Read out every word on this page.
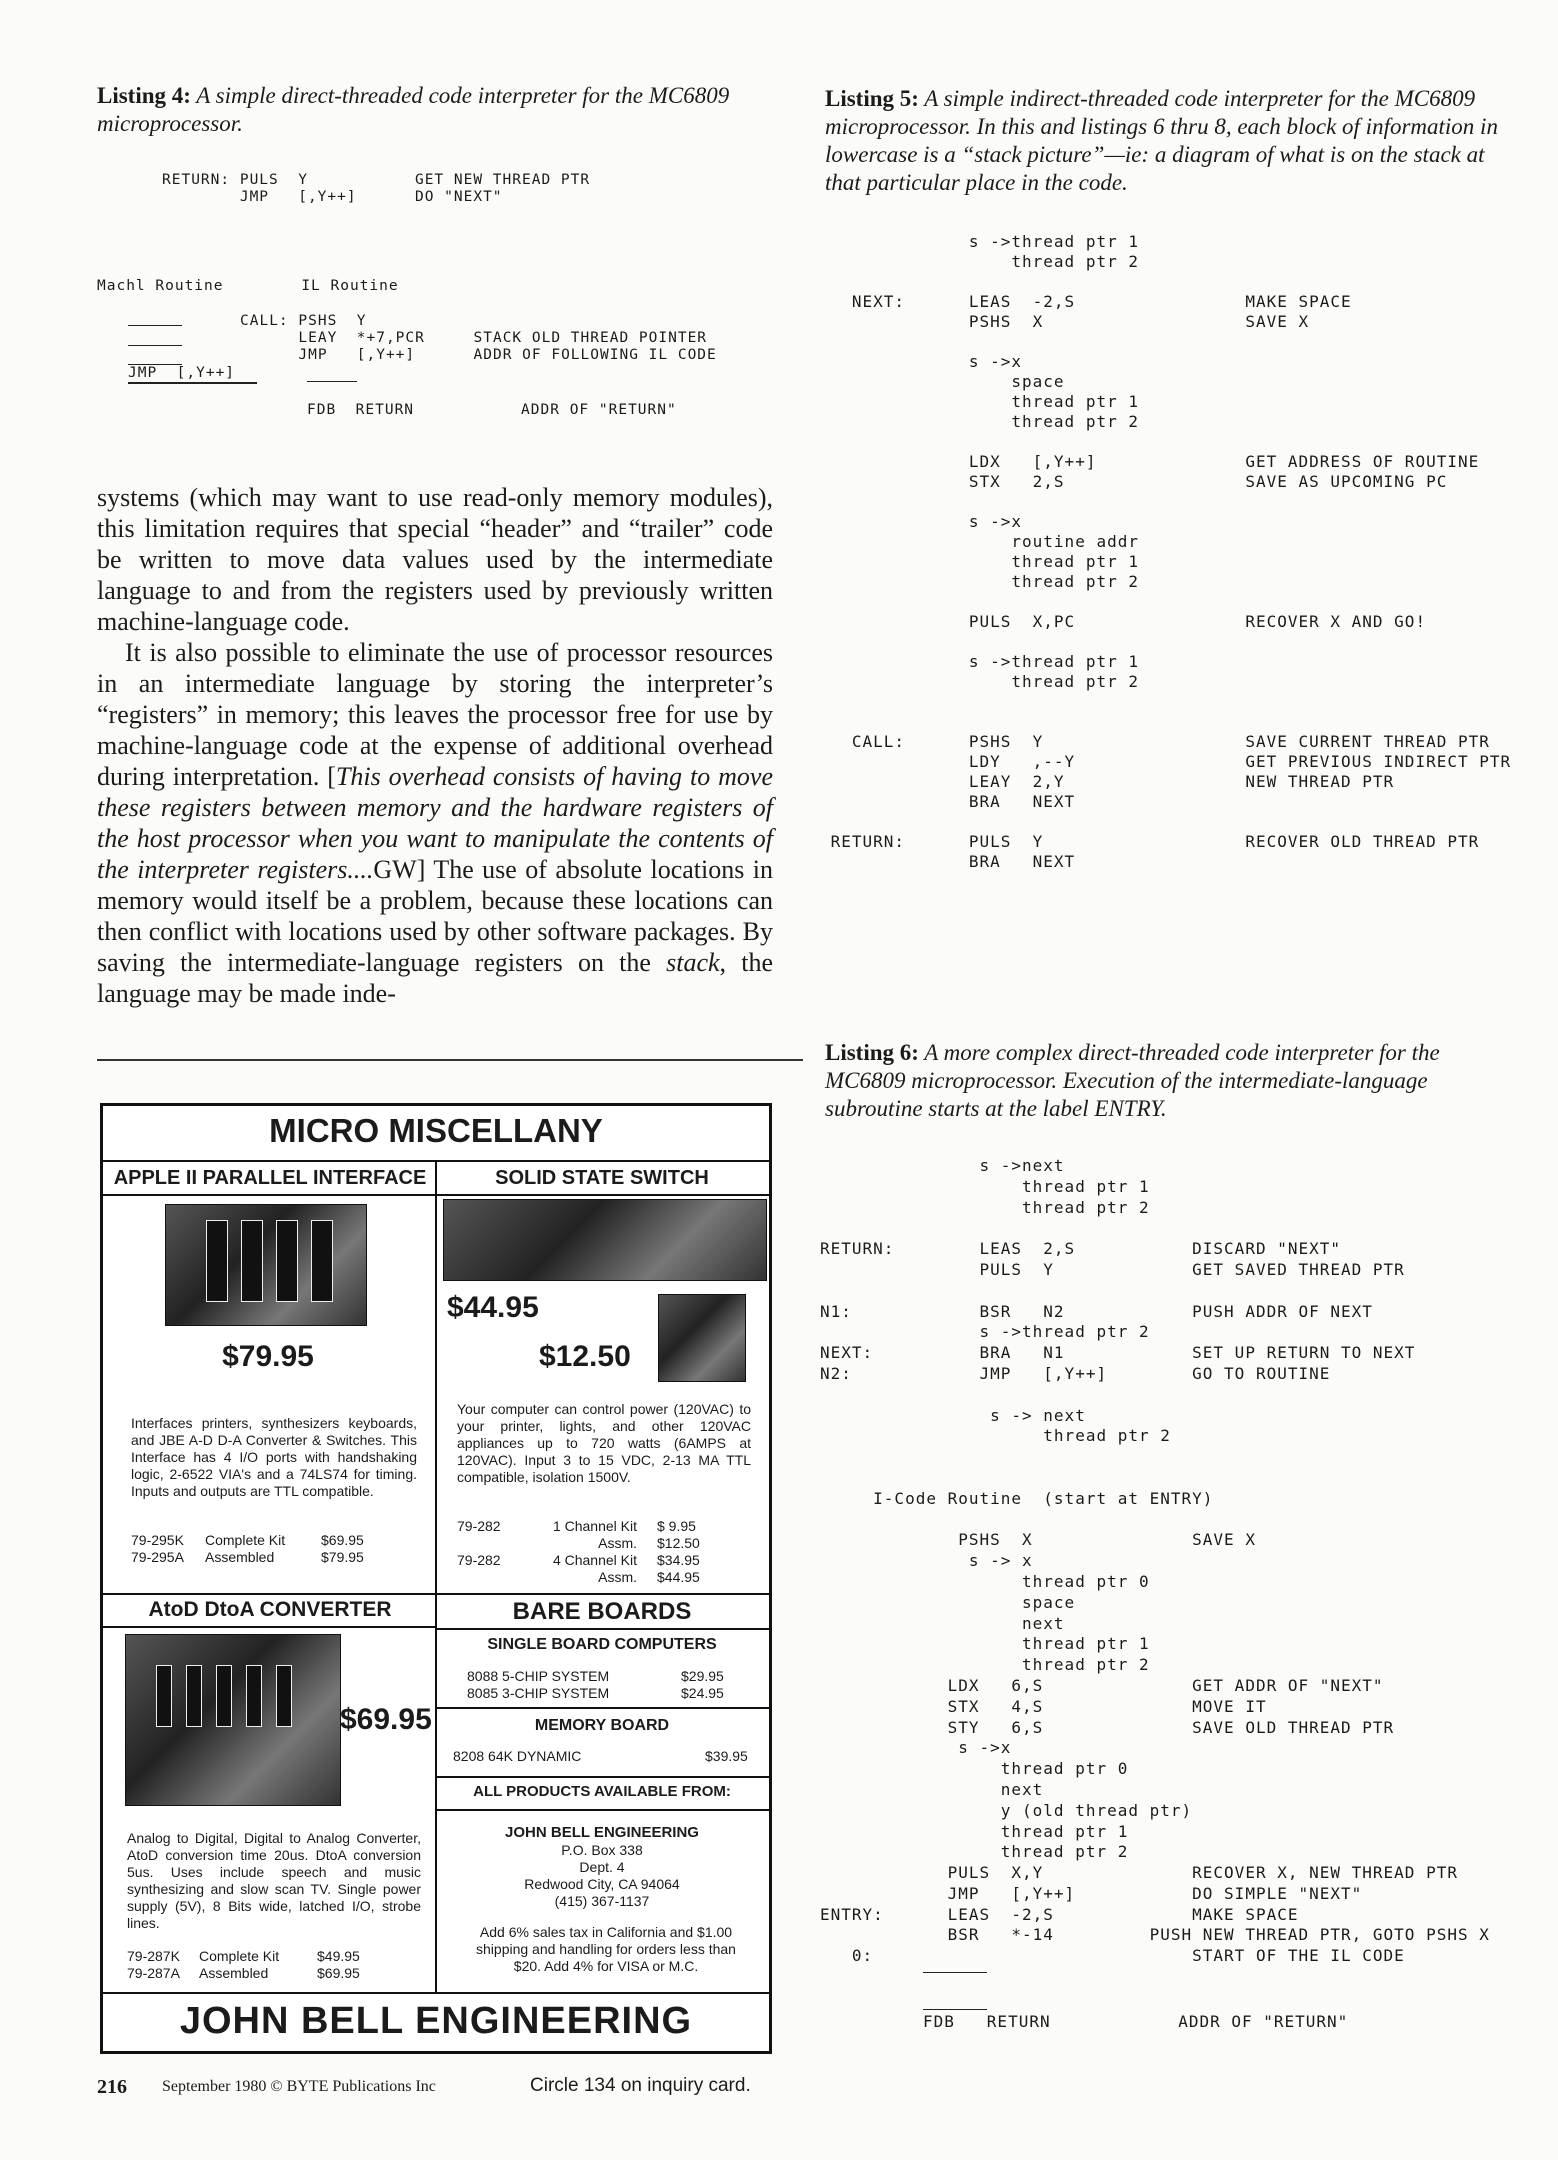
Listing 4: A simple direct-threaded code interpreter for the MC6809 microprocessor.
RETURN: PULS  Y           GET NEW THREAD PTR
JMP   [,Y++]      DO "NEXT"
Machl Routine        IL Routine
CALL: PSHS  Y
LEAY  *+7,PCR     STACK OLD THREAD POINTER
JMP   [,Y++]      ADDR OF FOLLOWING IL CODE
JMP  [,Y++]
FDB  RETURN           ADDR OF "RETURN"

systems (which may want to use read-only memory modules), this limitation requires that special “header” and “trailer” code be written to move data values used by the intermediate language to and from the registers used by previously written machine-language code.

It is also possible to eliminate the use of processor resources in an intermediate language by storing the interpreter’s “registers” in memory; this leaves the processor free for use by machine-language code at the expense of additional overhead during interpretation. [This overhead consists of having to move these registers between memory and the hardware registers of the host processor when you want to manipulate the contents of the interpreter registers....GW] The use of absolute locations in memory would itself be a problem, because these locations can then conflict with locations used by other software packages. By saving the intermediate-language registers on the stack, the language may be made inde-

MICRO MISCELLANY
APPLE II PARALLEL INTERFACE
$79.95
Interfaces printers, synthesizers keyboards, and JBE A-D D-A Converter & Switches. This Interface has 4 I/O ports with handshaking logic, 2-6522 VIA's and a 74LS74 for timing. Inputs and outputs are TTL compatible.
79-295K Complete Kit	$69.95
79-295A Assembled	$79.95
SOLID STATE SWITCH
$44.95
$12.50
Your computer can control power (120VAC) to your printer, lights, and other 120VAC appliances up to 720 watts (6AMPS at 120VAC). Input 3 to 15 VDC, 2-13 MA TTL compatible, isolation 1500V.
79-282	1 Channel Kit $ 9.95
Assm. $12.50
79-282	4 Channel Kit $34.95
Assm. $44.95
AtoD DtoA CONVERTER
$69.95
Analog to Digital, Digital to Analog Converter, AtoD conversion time 20us. DtoA conversion 5us. Uses include speech and music synthesizing and slow scan TV. Single power supply (5V), 8 Bits wide, latched I/O, strobe lines.
79-287K Complete Kit	$49.95
79-287A Assembled	$69.95
BARE BOARDS
SINGLE BOARD COMPUTERS
8088 5-CHIP SYSTEM	$29.95
8085 3-CHIP SYSTEM	$24.95
MEMORY BOARD
8208 64K DYNAMIC	$39.95
ALL PRODUCTS AVAILABLE FROM:
JOHN BELL ENGINEERING
P.O. Box 338
Dept. 4
Redwood City, CA 94064
(415) 367-1137
Add 6% sales tax in California and $1.00 shipping and handling for orders less than $20. Add 4% for VISA or M.C.
JOHN BELL ENGINEERING
216 September 1980 © BYTE Publications Inc	Circle 134 on inquiry card.
Listing 5: A simple indirect-threaded code interpreter for the MC6809 microprocessor. In this and listings 6 thru 8, each block of information in lowercase is a “stack picture”—ie: a diagram of what is on the stack at that particular place in the code.
s ->thread ptr 1
thread ptr 2

NEXT:      LEAS  -2,S                MAKE SPACE
PSHS  X                   SAVE X

s ->x
space
thread ptr 1
thread ptr 2

LDX   [,Y++]              GET ADDRESS OF ROUTINE
STX   2,S                 SAVE AS UPCOMING PC

s ->x
routine addr
thread ptr 1
thread ptr 2

PULS  X,PC                RECOVER X AND GO!

s ->thread ptr 1
thread ptr 2

CALL:      PSHS  Y                   SAVE CURRENT THREAD PTR
LDY   ,--Y                GET PREVIOUS INDIRECT PTR
LEAY  2,Y                 NEW THREAD PTR
BRA   NEXT

RETURN:      PULS  Y                   RECOVER OLD THREAD PTR
BRA   NEXT
Listing 6: A more complex direct-threaded code interpreter for the MC6809 microprocessor. Execution of the intermediate-language subroutine starts at the label ENTRY.
s ->next
thread ptr 1
thread ptr 2

RETURN:        LEAS  2,S           DISCARD "NEXT"
PULS  Y             GET SAVED THREAD PTR

N1:            BSR   N2            PUSH ADDR OF NEXT
s ->thread ptr 2
NEXT:          BRA   N1            SET UP RETURN TO NEXT
N2:            JMP   [,Y++]        GO TO ROUTINE

s -> next
thread ptr 2

I-Code Routine  (start at ENTRY)

PSHS  X               SAVE X
s -> x
thread ptr 0
space
next
thread ptr 1
thread ptr 2
LDX   6,S              GET ADDR OF "NEXT"
STX   4,S              MOVE IT
STY   6,S              SAVE OLD THREAD PTR
s ->x
thread ptr 0
next
y (old thread ptr)
thread ptr 1
thread ptr 2
PULS  X,Y              RECOVER X, NEW THREAD PTR
JMP   [,Y++]           DO SIMPLE "NEXT"
ENTRY:      LEAS  -2,S             MAKE SPACE
BSR   *-14         PUSH NEW THREAD PTR, GOTO PSHS X
0:                              START OF THE IL CODE
FDB   RETURN            ADDR OF "RETURN"
